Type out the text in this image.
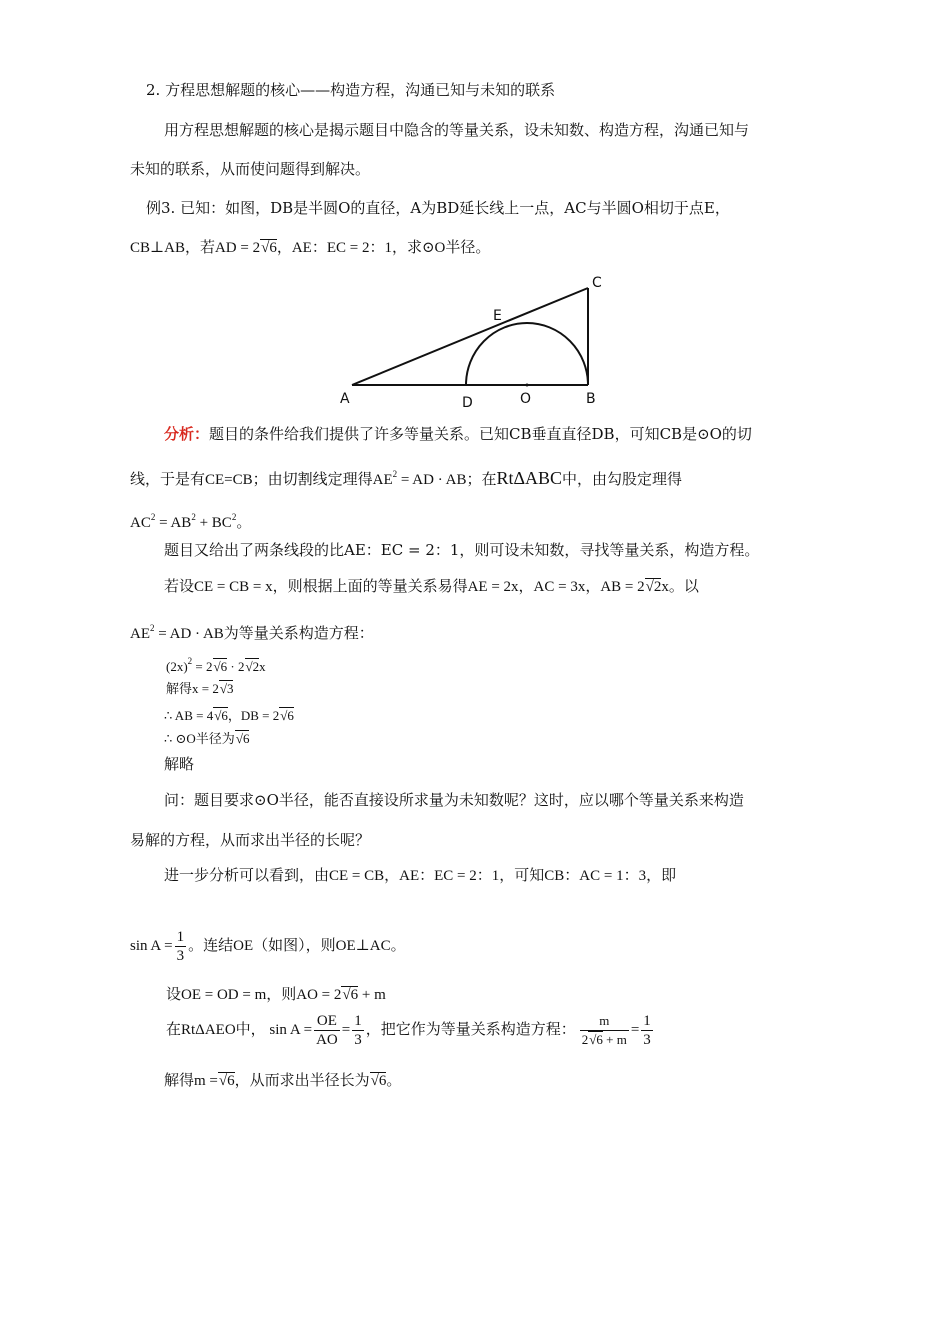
2. 方程思想解题的核心——构造方程，沟通已知与未知的联系
用方程思想解题的核心是揭示题目中隐含的等量关系，设未知数、构造方程，沟通已知与
未知的联系，从而使问题得到解决。
例3. 已知：如图，DB是半圆O的直径，A为BD延长线上一点，AC与半圆O相切于点E，
CB⊥AB，若AD = 2√6，AE：EC = 2：1，求⊙O半径。
A	D	O	B
C
E
分析：题目的条件给我们提供了许多等量关系。已知CB垂直直径DB，可知CB是⊙O的切
线，于是有CE=CB；由切割线定理得$AE^2$ = AD · AB；在RtΔABC中，由勾股定理得
$AC^2 = AB^2 + BC^2$。
题目又给出了两条线段的比AE：EC = 2：1，则可设未知数，寻找等量关系，构造方程。
若设CE = CB = x，则根据上面的等量关系易得AE = 2x，AC = 3x，AB = 2√2x。以
$AE^2$ = AD · AB为等量关系构造方程：
$(2x)^2 = 2√6 \cdot 2√2x$
解得x = 2√3
∴ AB = 4√6，DB = 2√6
∴ ⊙O半径为√6
解略
问：题目要求⊙O半径，能否直接设所求量为未知数呢？这时，应以哪个等量关系来构造
易解的方程，从而求出半径的长呢？
进一步分析可以看到，由CE = CB，AE：EC = 2：1，可知CB：AC = 1：3，即
$\sin A = \frac{1}{3}$ 。连结OE（如图），则OE⊥AC。
设OE = OD = m，则AO = 2√6 + m
在RtΔAEO中， $\sin A = \frac{OE}{AO} = \frac{1}{3}$ ，把它作为等量关系构造方程： $\frac{m}{2√6 + m} = \frac{1}{3}$
解得m =√6，从而求出半径长为√6。
